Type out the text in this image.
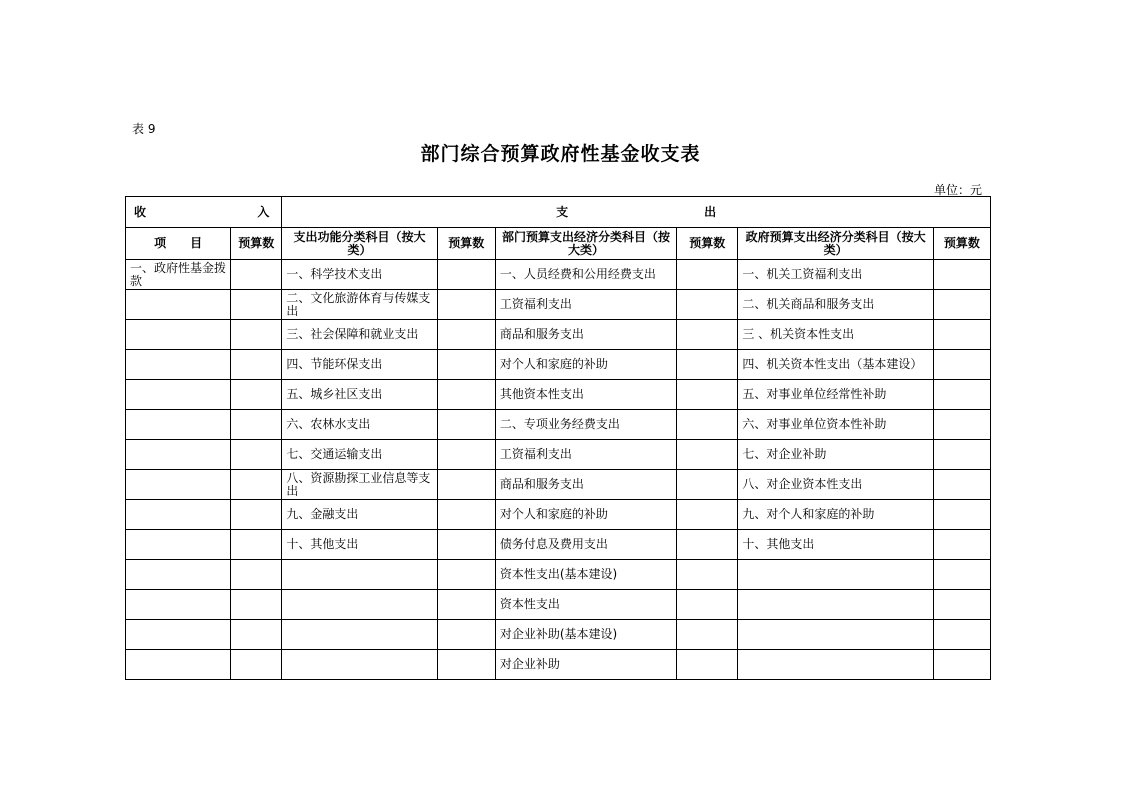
表 9
部门综合预算政府性基金收支表
单位：元
收 入		支 出					
项 目	预算数	支出功能分类科目（按大类）	预算数	部门预算支出经济分类科目（按大类）	预算数	政府预算支出经济分类科目（按大类）	预算数
一、政府性基金拨款		一、科学技术支出		一、人员经费和公用经费支出		一、机关工资福利支出	
		二、文化旅游体育与传媒支出		工资福利支出		二、机关商品和服务支出	
		三、社会保障和就业支出		商品和服务支出		三 、机关资本性支出	
		四、节能环保支出		对个人和家庭的补助		四、机关资本性支出（基本建设）	
		五、城乡社区支出		其他资本性支出		五、对事业单位经常性补助	
		六、农林水支出		二、专项业务经费支出		六、对事业单位资本性补助	
		七、交通运输支出		工资福利支出		七、对企业补助	
		八、资源勘探工业信息等支出		商品和服务支出		八、对企业资本性支出	
		九、金融支出		对个人和家庭的补助		九、对个人和家庭的补助	
		十、其他支出		债务付息及费用支出		十、其他支出	
				资本性支出(基本建设)			
				资本性支出			
				对企业补助(基本建设)			
				对企业补助			
